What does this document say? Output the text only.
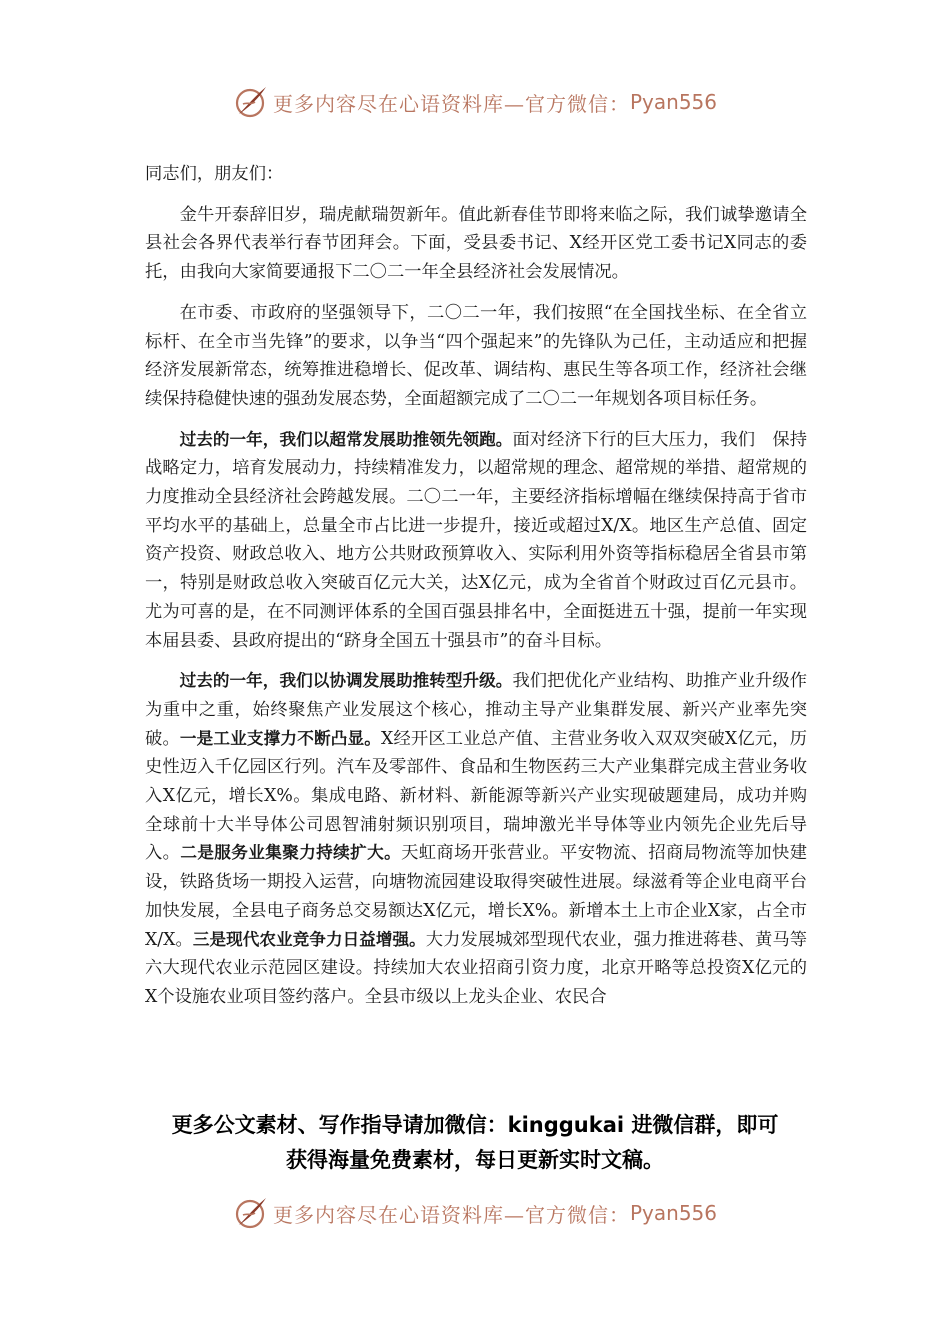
更多内容尽在心语资料库—官方微信： Pyan556

同志们，朋友们：

金牛开泰辞旧岁，瑞虎献瑞贺新年。值此新春佳节即将来临之际，我们诚挚邀请全县社会各界代表举行春节团拜会。下面，受县委书记、X经开区党工委书记X同志的委托，由我向大家简要通报下二〇二一年全县经济社会发展情况。

在市委、市政府的坚强领导下，二〇二一年，我们按照“在全国找坐标、在全省立标杆、在全市当先锋”的要求，以争当“四个强起来”的先锋队为己任，主动适应和把握经济发展新常态，统筹推进稳增长、促改革、调结构、惠民生等各项工作，经济社会继续保持稳健快速的强劲发展态势，全面超额完成了二〇二一年规划各项目标任务。

过去的一年，我们以超常发展助推领先领跑。面对经济下行的巨大压力，我们　保持战略定力，培育发展动力，持续精准发力，以超常规的理念、超常规的举措、超常规的力度推动全县经济社会跨越发展。二〇二一年，主要经济指标增幅在继续保持高于省市平均水平的基础上，总量全市占比进一步提升，接近或超过X/X。地区生产总值、固定资产投资、财政总收入、地方公共财政预算收入、实际利用外资等指标稳居全省县市第一，特别是财政总收入突破百亿元大关，达X亿元，成为全省首个财政过百亿元县市。尤为可喜的是，在不同测评体系的全国百强县排名中，全面挺进五十强，提前一年实现本届县委、县政府提出的“跻身全国五十强县市”的奋斗目标。

过去的一年，我们以协调发展助推转型升级。我们把优化产业结构、助推产业升级作为重中之重，始终聚焦产业发展这个核心，推动主导产业集群发展、新兴产业率先突破。一是工业支撑力不断凸显。X经开区工业总产值、主营业务收入双双突破X亿元，历史性迈入千亿园区行列。汽车及零部件、食品和生物医药三大产业集群完成主营业务收入X亿元，增长X%。集成电路、新材料、新能源等新兴产业实现破题建局，成功并购全球前十大半导体公司恩智浦射频识别项目，瑞坤激光半导体等业内领先企业先后导入。二是服务业集聚力持续扩大。天虹商场开张营业。平安物流、招商局物流等加快建设，铁路货场一期投入运营，向塘物流园建设取得突破性进展。绿滋肴等企业电商平台加快发展，全县电子商务总交易额达X亿元，增长X%。新增本土上市企业X家，占全市X/X。三是现代农业竞争力日益增强。大力发展城郊型现代农业，强力推进蒋巷、黄马等六大现代农业示范园区建设。持续加大农业招商引资力度，北京开略等总投资X亿元的X个设施农业项目签约落户。全县市级以上龙头企业、农民合

更多公文素材、写作指导请加微信：kinggukai 进微信群，即可
获得海量免费素材，每日更新实时文稿。
更多内容尽在心语资料库—官方微信： Pyan556
